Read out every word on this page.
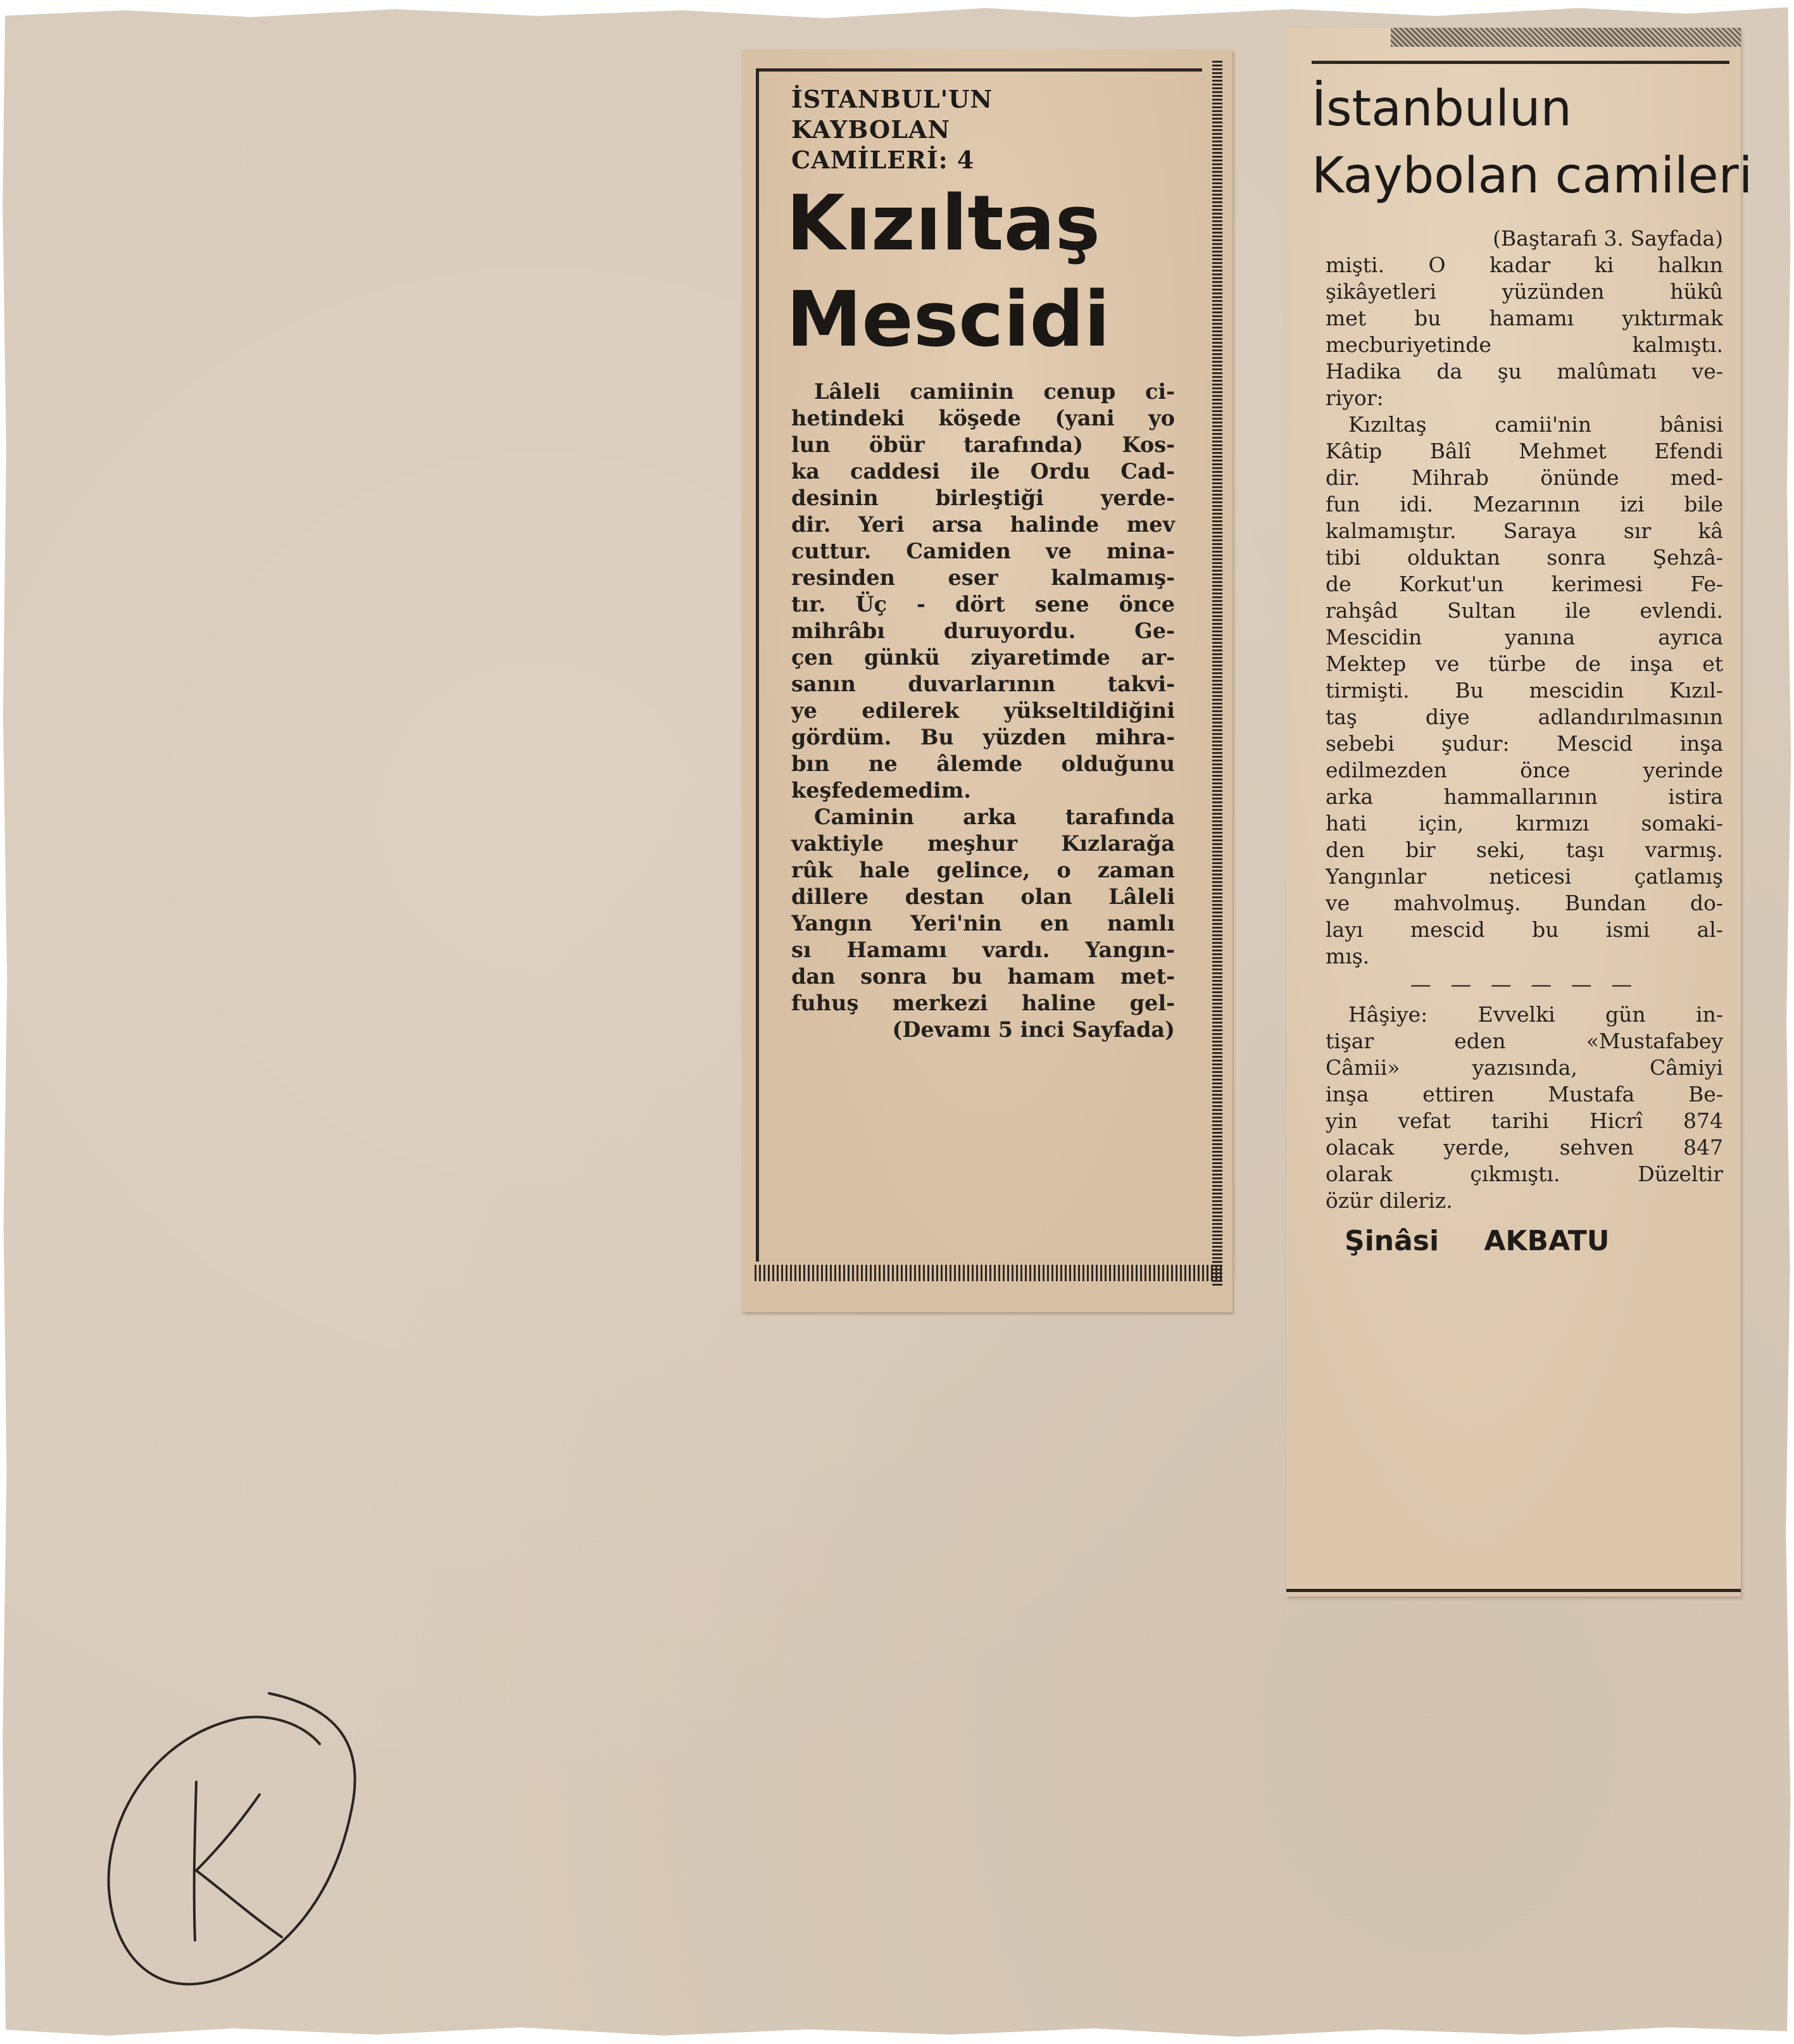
İSTANBUL'UN
KAYBOLAN
CAMİLERİ: 4
Kızıltaş
Mescidi
Lâleli camiinin cenup ci-
hetindeki köşede (yani yo
lun öbür tarafında) Kos-
ka caddesi ile Ordu Cad-
desinin birleştiği yerde-
dir. Yeri arsa halinde mev
cuttur. Camiden ve mina-
resinden eser kalmamış-
tır. Üç - dört sene önce
mihrâbı duruyordu. Ge-
çen günkü ziyaretimde ar-
sanın duvarlarının takvi-
ye edilerek yükseltildiğini
gördüm. Bu yüzden mihra-
bın ne âlemde olduğunu
keşfedemedim.
Caminin arka tarafında
vaktiyle meşhur Kızlarağa
rûk hale gelince, o zaman
dillere destan olan Lâleli
Yangın Yeri'nin en namlı
sı Hamamı vardı. Yangın-
dan sonra bu hamam met-
fuhuş merkezi haline gel-
(Devamı 5 inci Sayfada)
İstanbulun
Kaybolan camileri
(Baştarafı 3. Sayfada)
mişti. O kadar ki halkın
şikâyetleri yüzünden hükû
met bu hamamı yıktırmak
mecburiyetinde kalmıştı.
Hadika da şu malûmatı ve-
riyor:
Kızıltaş camii'nin bânisi
Kâtip Bâlî Mehmet Efendi
dir. Mihrab önünde med-
fun idi. Mezarının izi bile
kalmamıştır. Saraya sır kâ
tibi olduktan sonra Şehzâ-
de Korkut'un kerimesi Fe-
rahşâd Sultan ile evlendi.
Mescidin yanına ayrıca
Mektep ve türbe de inşa et
tirmişti. Bu mescidin Kızıl-
taş diye adlandırılmasının
sebebi şudur: Mescid inşa
edilmezden önce yerinde
arka hammallarının istira
hati için, kırmızı somaki-
den bir seki, taşı varmış.
Yangınlar neticesi çatlamış
ve mahvolmuş. Bundan do-
layı mescid bu ismi al-
mış.
— — — — — —
Hâşiye: Evvelki gün in-
tişar eden «Mustafabey
Câmii» yazısında, Câmiyi
inşa ettiren Mustafa Be-
yin vefat tarihi Hicrî 874
olacak yerde, sehven 847
olarak çıkmıştı. Düzeltir
özür dileriz.
Şinâsi AKBATU
